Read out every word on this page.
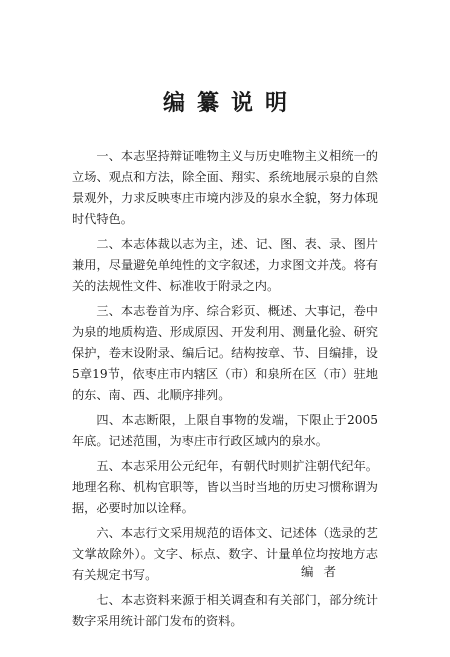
编纂说明

一、本志坚持辩证唯物主义与历史唯物主义相统一的立场、观点和方法，除全面、翔实、系统地展示泉的自然景观外，力求反映枣庄市境内涉及的泉水全貌，努力体现时代特色。

二、本志体裁以志为主，述、记、图、表、录、图片兼用，尽量避免单纯性的文字叙述，力求图文并茂。将有关的法规性文件、标准收于附录之内。

三、本志卷首为序、综合彩页、概述、大事记，卷中为泉的地质构造、形成原因、开发利用、测量化验、研究保护，卷末设附录、编后记。结构按章、节、目编排，设5章19节，依枣庄市内辖区（市）和泉所在区（市）驻地的东、南、西、北顺序排列。

四、本志断限，上限自事物的发端，下限止于2005年底。记述范围，为枣庄市行政区域内的泉水。

五、本志采用公元纪年，有朝代时则扩注朝代纪年。地理名称、机构官职等，皆以当时当地的历史习惯称谓为据，必要时加以诠释。

六、本志行文采用规范的语体文、记述体（选录的艺文掌故除外）。文字、标点、数字、计量单位均按地方志有关规定书写。

七、本志资料来源于相关调查和有关部门，部分统计数字采用统计部门发布的资料。

编者
